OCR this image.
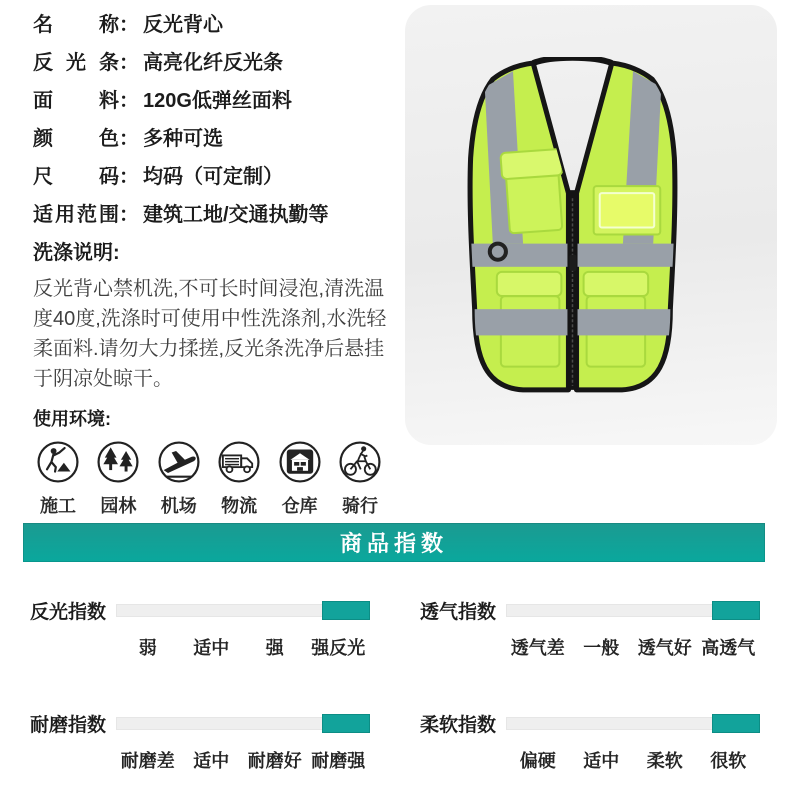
名称 ： 反光背心
反光条 ： 高亮化纤反光条
面料 ： 120G低弹丝面料
颜色 ： 多种可选
尺码 ： 均码（可定制）
适用范围 ： 建筑工地/交通执勤等
洗涤说明:
反光背心禁机洗,不可长时间浸泡,清洗温度40度,洗涤时可使用中性洗涤剂,水洗轻柔面料.请勿大力揉搓,反光条洗净后悬挂于阴凉处晾干。
使用环境:
施工	园林	机场	物流	仓库	骑行
商品指数
反光指数
弱	适中	强	强反光
透气指数
透气差	一般	透气好 高透气
耐磨指数
耐磨差	适中	耐磨好 耐磨强
柔软指数
偏硬	适中	柔软	很软
